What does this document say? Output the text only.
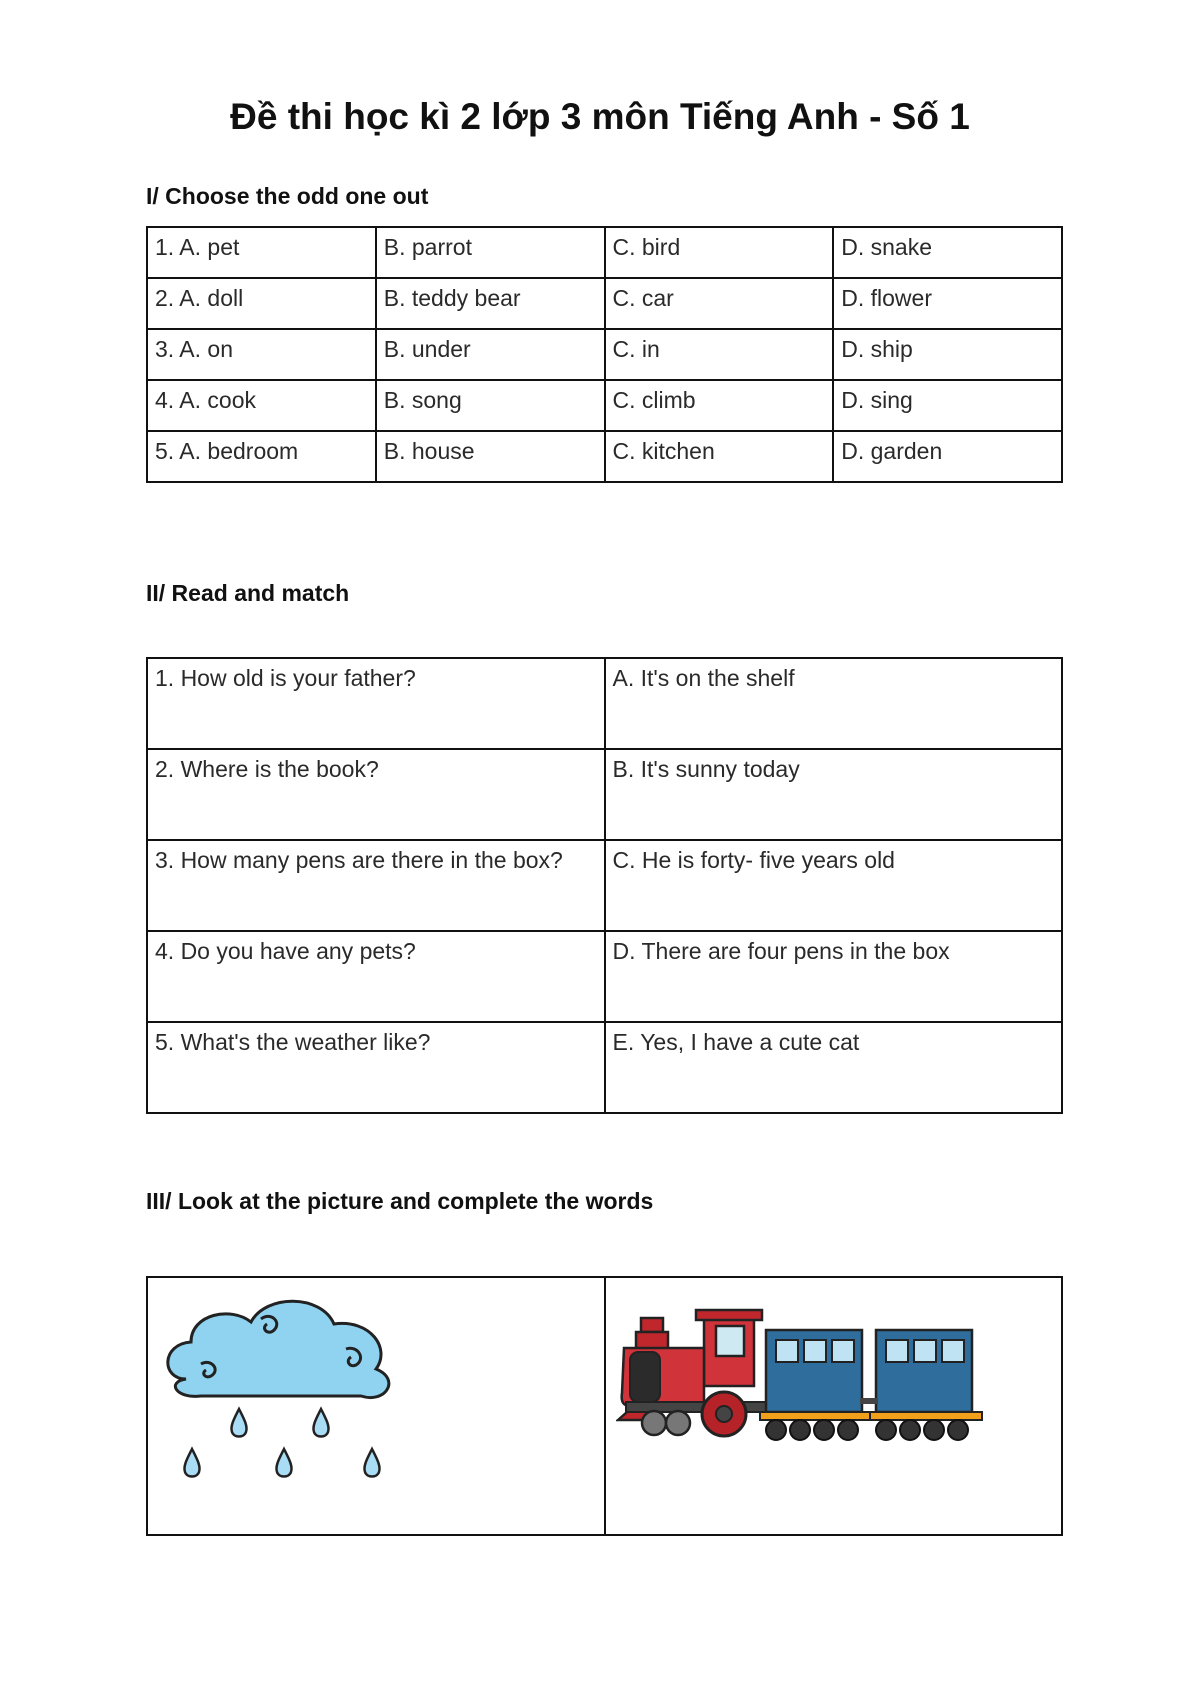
Đề thi học kì 2 lớp 3 môn Tiếng Anh - Số 1
I/ Choose the odd one out
1. A. pet	B. parrot	C. bird	D. snake
2. A. doll	B. teddy bear	C. car	D. flower
3. A. on	B. under	C. in	D. ship
4. A. cook	B. song	C. climb	D. sing
5. A. bedroom	B. house	C. kitchen	D. garden
II/ Read and match
1. How old is your father?	A. It's on the shelf
2. Where is the book?	B. It's sunny today
3. How many pens are there in the box?	C. He is forty- five years old
4. Do you have any pets?	D. There are four pens in the box
5. What's the weather like?	E. Yes, I have a cute cat
III/ Look at the picture and complete the words
